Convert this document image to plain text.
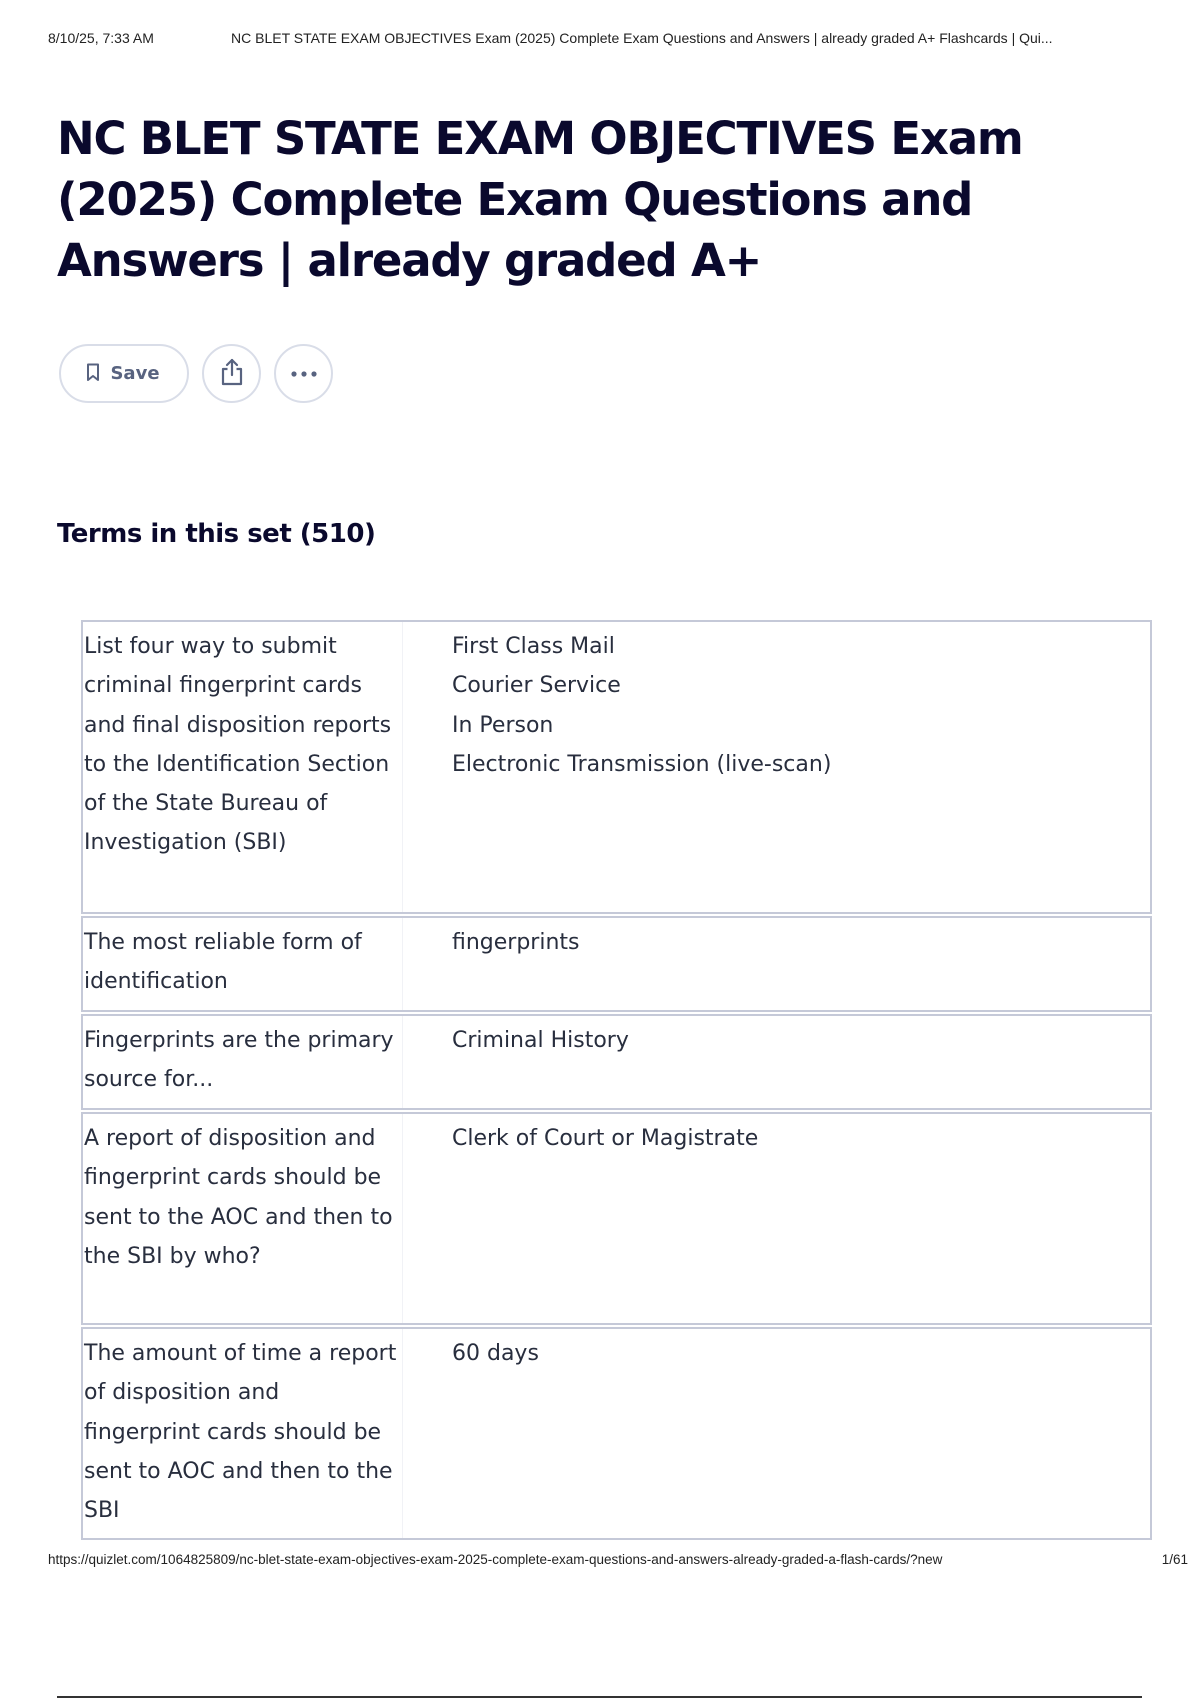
8/10/25, 7:33 AM	NC BLET STATE EXAM OBJECTIVES Exam (2025) Complete Exam Questions and Answers | already graded A+ Flashcards | Qui...
NC BLET STATE EXAM OBJECTIVES Exam (2025) Complete Exam Questions and Answers | already graded A+
Save
Terms in this set (510)
List four way to submit criminal fingerprint cards and final disposition reports to the Identification Section of the State Bureau of Investigation (SBI)
First Class Mail
Courier Service
In Person
Electronic Transmission (live-scan)
The most reliable form of identification
fingerprints
Fingerprints are the primary source for...
Criminal History
A report of disposition and fingerprint cards should be sent to the AOC and then to the SBI by who?
Clerk of Court or Magistrate
The amount of time a report of disposition and fingerprint cards should be sent to AOC and then to the SBI
60 days
https://quizlet.com/1064825809/nc-blet-state-exam-objectives-exam-2025-complete-exam-questions-and-answers-already-graded-a-flash-cards/?new	1/61
